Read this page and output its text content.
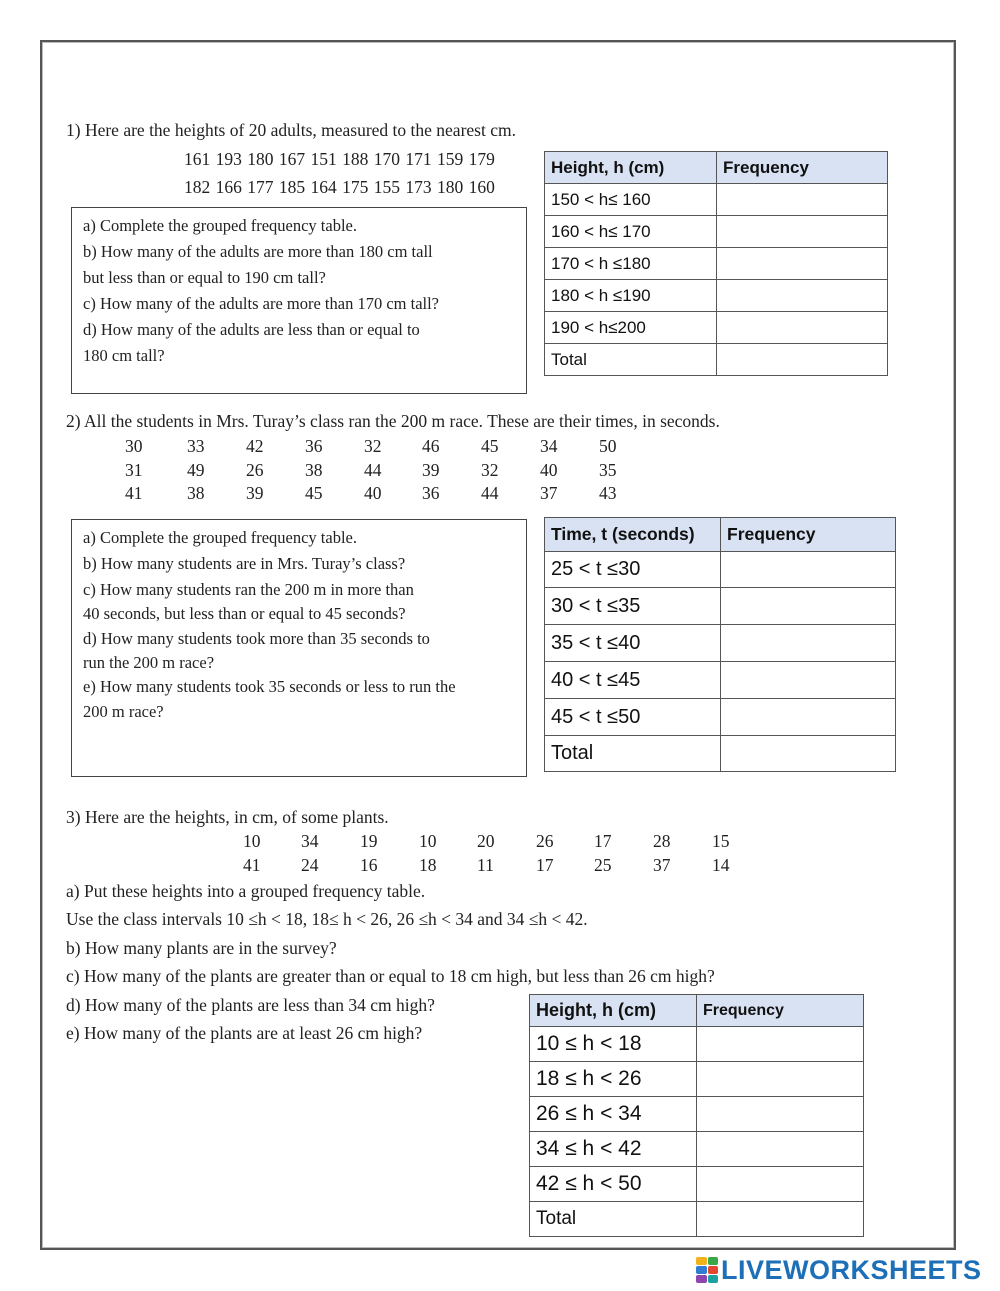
1) Here are the heights of 20 adults, measured to the nearest cm.
161 193 180 167 151 188 170 171 159 179
182 166 177 185 164 175 155 173 180 160

a) Complete the grouped frequency table.

b) How many of the adults are more than 180 cm tall

but less than or equal to 190 cm tall?

c) How many of the adults are more than 170 cm tall?

d) How many of the adults are less than or equal to

180 cm tall?

Height, h (cm)	Frequency
150 < h≤ 160	
160 < h≤ 170	
170 < h ≤180	
180 < h ≤190	
190 < h≤200	
Total	
2) All the students in Mrs. Turay’s class ran the 200 m race. These are their times, in seconds.
30	33 42 36 32 46 45 34 50
31	49 26 38 44 39 32 40 35
41	38 39 45 40 36 44 37 43

a) Complete the grouped frequency table.

b) How many students are in Mrs. Turay’s class?

c) How many students ran the 200 m in more than

40 seconds, but less than or equal to 45 seconds?

d) How many students took more than 35 seconds to

run the 200 m race?

e) How many students took 35 seconds or less to run the

200 m race?

Time, t (seconds)	Frequency
25 < t ≤30	
30 < t ≤35	
35 < t ≤40	
40 < t ≤45	
45 < t ≤50	
Total	
3) Here are the heights, in cm, of some plants.
10 34 19 10 20 26 17 28 15
41 24 16 18 11 17 25 37 14
a) Put these heights into a grouped frequency table.
Use the class intervals 10 ≤h < 18, 18≤ h < 26, 26 ≤h < 34 and 34 ≤h < 42.
b) How many plants are in the survey?
c) How many of the plants are greater than or equal to 18 cm high, but less than 26 cm high?
d) How many of the plants are less than 34 cm high?
e) How many of the plants are at least 26 cm high?
Height, h (cm)	Frequency
10 ≤ h < 18	
18 ≤ h < 26	
26 ≤ h < 34	
34 ≤ h < 42	
42 ≤ h < 50	
Total	
LIVEWORKSHEETS
